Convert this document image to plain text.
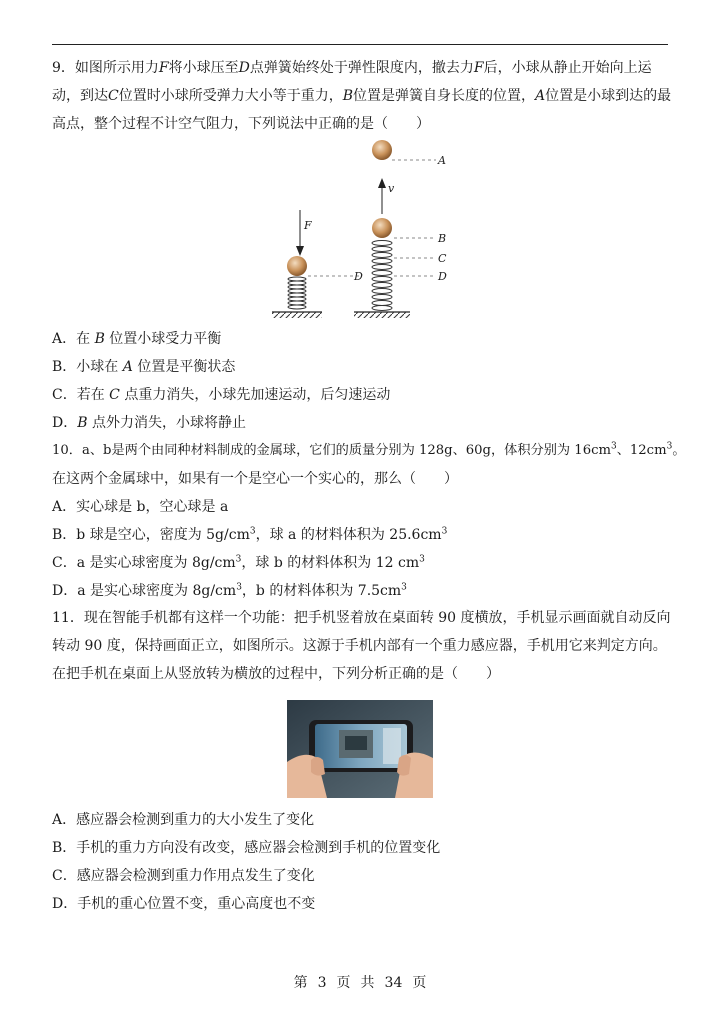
9．如图所示用力F将小球压至D点弹簧始终处于弹性限度内，撤去力F后，小球从静止开始向上运动，到达C位置时小球所受弹力大小等于重力，B位置是弹簧自身长度的位置，A位置是小球到达的最高点，整个过程不计空气阻力，下列说法中正确的是（　　）
F
D
A
v
B
C
D
A．在 B 位置小球受力平衡
B．小球在 A 位置是平衡状态
C．若在 C 点重力消失，小球先加速运动，后匀速运动
D．B 点外力消失，小球将静止
10．a、b是两个由同种材料制成的金属球，它们的质量分别为 128g、60g，体积分别为 $16cm^3$、$12cm^3$。
在这两个金属球中，如果有一个是空心一个实心的，那么（　　）
A．实心球是 b，空心球是 a
B．b 球是空心，密度为 $5g/cm^3$，球 a 的材料体积为 $25.6cm^3$
C．a 是实心球密度为 $8g/cm^3$，球 b 的材料体积为 12 $cm^3$
D．a 是实心球密度为 $8g/cm^3$，b 的材料体积为 $7.5cm^3$
11．现在智能手机都有这样一个功能：把手机竖着放在桌面转 90 度横放，手机显示画面就自动反向转动 90 度，保持画面正立，如图所示。这源于手机内部有一个重力感应器，手机用它来判定方向。在把手机在桌面上从竖放转为横放的过程中，下列分析正确的是（　　）
A．感应器会检测到重力的大小发生了变化
B．手机的重力方向没有改变，感应器会检测到手机的位置变化
C．感应器会检测到重力作用点发生了变化
D．手机的重心位置不变，重心高度也不变
第 3 页 共 34 页
